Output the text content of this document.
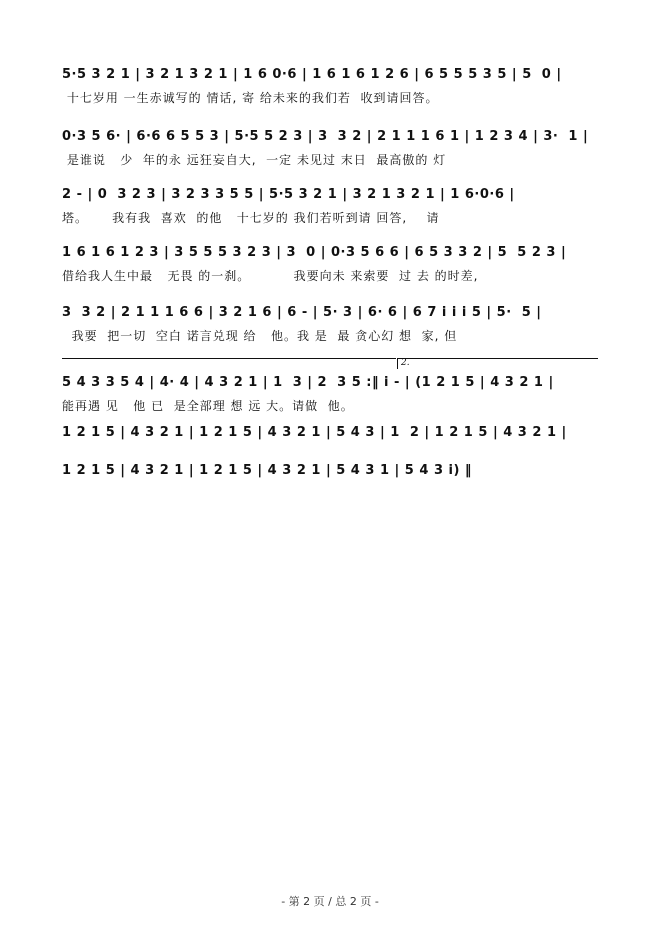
5·5 3 2 1 | 3 2 1 3 2 1 | 1 6 0·6 | 1 6 1 6 1 2 6 | 6 5 5 5 3 5 | 5  0 |
十七岁用 一生赤诚写的 情话, 寄 给未来的我们若  收到请回答。
0·3 5 6· | 6·6 6 5 5 3 | 5·5 5 2 3 | 3  3 2 | 2 1 1 1 6 1 | 1 2 3 4 | 3·  1 |
是谁说   少  年的永 远狂妄自大,  一定 未见过 末日  最高傲的 灯
2 - | 0  3 2 3 | 3 2 3 3 5 5 | 5·5 3 2 1 | 3 2 1 3 2 1 | 1 6·0·6 |
塔。     我有我  喜欢  的他   十七岁的 我们若听到请 回答,    请
1 6 1 6 1 2 3 | 3 5 5 5 3 2 3 | 3  0 | 0·3 5 6 6 | 6 5 3 3 2 | 5  5 2 3 |
借给我人生中最   无畏 的一刹。         我要向未 来索要  过 去 的时差,
3  3 2 | 2 1 1 1 6 6 | 3 2 1 6 | 6 - | 5· 3 | 6· 6 | 6 7 i i i 5 | 5·  5 |
我要  把一切  空白 诺言兑现 给   他。我 是  最 贪心幻 想  家, 但
2.
5 4 3 3 5 4 | 4· 4 | 4 3 2 1 | 1  3 | 2  3 5 :‖ i - | (1 2 1 5 | 4 3 2 1 |
能再遇 见   他 已  是全部理 想 远 大。请做  他。
1 2 1 5 | 4 3 2 1 | 1 2 1 5 | 4 3 2 1 | 5 4 3 | 1  2 | 1 2 1 5 | 4 3 2 1 |
1 2 1 5 | 4 3 2 1 | 1 2 1 5 | 4 3 2 1 | 5 4 3 1 | 5 4 3 i) ‖
- 第 2 页 / 总 2 页 -
